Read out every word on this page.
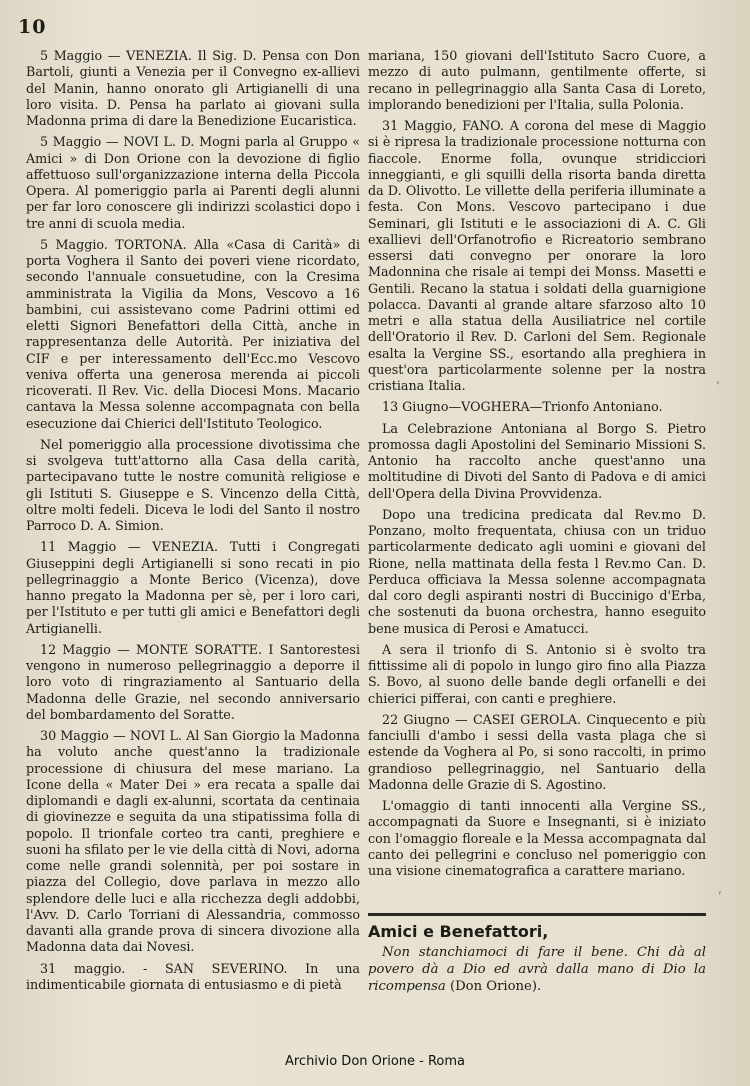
10

5 Maggio — VENEZIA. Il Sig. D. Pensa con Don Bartoli, giunti a Venezia per il Convegno ex-allievi del Manin, hanno onorato gli Artigianelli di una loro visita. D. Pensa ha parlato ai giovani sulla Madonna prima di dare la Benedizione Eucaristica.

5 Maggio — NOVI L. D. Mogni parla al Gruppo « Amici » di Don Orione con la devozione di figlio affettuoso sull'organizzazione interna della Piccola Opera. Al pomeriggio parla ai Parenti degli alunni per far loro conoscere gli indirizzi scolastici dopo i tre anni di scuola media.

5 Maggio. TORTONA. Alla «Casa di Carità» di porta Voghera il Santo dei poveri viene ricordato, secondo l'annuale consuetudine, con la Cresima amministrata la Vigilia da Mons, Vescovo a 16 bambini, cui assistevano come Padrini ottimi ed eletti Signori Benefattori della Città, anche in rappresentanza delle Autorità. Per iniziativa del CIF e per interessamento dell'Ecc.mo Vescovo veniva offerta una generosa merenda ai piccoli ricoverati. Il Rev. Vic. della Diocesi Mons. Macario cantava la Messa solenne accompagnata con bella esecuzione dai Chierici dell'Istituto Teologico.

Nel pomeriggio alla processione divotissima che si svolgeva tutt'attorno alla Casa della carità, partecipavano tutte le nostre comunità religiose e gli Istituti S. Giuseppe e S. Vincenzo della Città, oltre molti fedeli. Diceva le lodi del Santo il nostro Parroco D. A. Simion.

11 Maggio — VENEZIA. Tutti i Congregati Giuseppini degli Artigianelli si sono recati in pio pellegrinaggio a Monte Berico (Vicenza), dove hanno pregato la Madonna per sè, per i loro cari, per l'Istituto e per tutti gli amici e Benefattori degli Artigianelli.

12 Maggio — MONTE SORATTE. I Santorestesi vengono in numeroso pellegrinaggio a deporre il loro voto di ringraziamento al Santuario della Madonna delle Grazie, nel secondo anniversario del bombardamento del Soratte.

30 Maggio — NOVI L. Al San Giorgio la Madonna ha voluto anche quest'anno la tradizionale processione di chiusura del mese mariano. La Icone della « Mater Dei » era recata a spalle dai diplomandi e dagli ex-alunni, scortata da centinaia di giovinezze e seguita da una stipatissima folla di popolo. Il trionfale corteo tra canti, preghiere e suoni ha sfilato per le vie della città di Novi, adorna come nelle grandi solennità, per poi sostare in piazza del Collegio, dove parlava in mezzo allo splendore delle luci e alla ricchezza degli addobbi, l'Avv. D. Carlo Torriani di Alessandria, commosso davanti alla grande prova di sincera divozione alla Madonna data dai Novesi.

31 maggio. - SAN SEVERINO. In una indimenticabile giornata di entusiasmo e di pietà

mariana, 150 giovani dell'Istituto Sacro Cuore, a mezzo di auto pulmann, gentilmente offerte, si recano in pellegrinaggio alla Santa Casa di Loreto, implorando benedizioni per l'Italia, sulla Polonia.

31 Maggio, FANO. A corona del mese di Maggio si è ripresa la tradizionale processione notturna con fiaccole. Enorme folla, ovunque stridicciori inneggianti, e gli squilli della risorta banda diretta da D. Olivotto. Le villette della periferia illuminate a festa. Con Mons. Vescovo partecipano i due Seminari, gli Istituti e le associazioni di A. C. Gli exallievi dell'Orfanotrofio e Ricreatorio sembrano essersi dati convegno per onorare la loro Madonnina che risale ai tempi dei Monss. Masetti e Gentili. Recano la statua i soldati della guarnigione polacca. Davanti al grande altare sfarzoso alto 10 metri e alla statua della Ausiliatrice nel cortile dell'Oratorio il Rev. D. Carloni del Sem. Regionale esalta la Vergine SS., esortando alla preghiera in quest'ora particolarmente solenne per la nostra cristiana Italia.

13 Giugno—VOGHERA—Trionfo Antoniano.

La Celebrazione Antoniana al Borgo S. Pietro promossa dagli Apostolini del Seminario Missioni S. Antonio ha raccolto anche quest'anno una moltitudine di Divoti del Santo di Padova e di amici dell'Opera della Divina Provvidenza.

Dopo una tredicina predicata dal Rev.mo D. Ponzano, molto frequentata, chiusa con un triduo particolarmente dedicato agli uomini e giovani del Rione, nella mattinata della festa l Rev.mo Can. D. Perduca officiava la Messa solenne accompagnata dal coro degli aspiranti nostri di Buccinigo d'Erba, che sostenuti da buona orchestra, hanno eseguito bene musica di Perosi e Amatucci.

A sera il trionfo di S. Antonio si è svolto tra fittissime ali di popolo in lungo giro fino alla Piazza S. Bovo, al suono delle bande degli orfanelli e dei chierici pifferai, con canti e preghiere.

22 Giugno — CASEI GEROLA. Cinquecento e più fanciulli d'ambo i sessi della vasta plaga che si estende da Voghera al Po, si sono raccolti, in primo grandioso pellegrinaggio, nel Santuario della Madonna delle Grazie di S. Agostino.

L'omaggio di tanti innocenti alla Vergine SS., accompagnati da Suore e Insegnanti, si è iniziato con l'omaggio floreale e la Messa accompagnata dal canto dei pellegrini e concluso nel pomeriggio con una visione cinematografica a carattere mariano.

Amici e Benefattori,

Non stanchiamoci di fare il bene. Chi dà al povero dà a Dio ed avrà dalla mano di Dio la ricompensa (Don Orione).

‚
,
Archivio Don Orione - Roma
